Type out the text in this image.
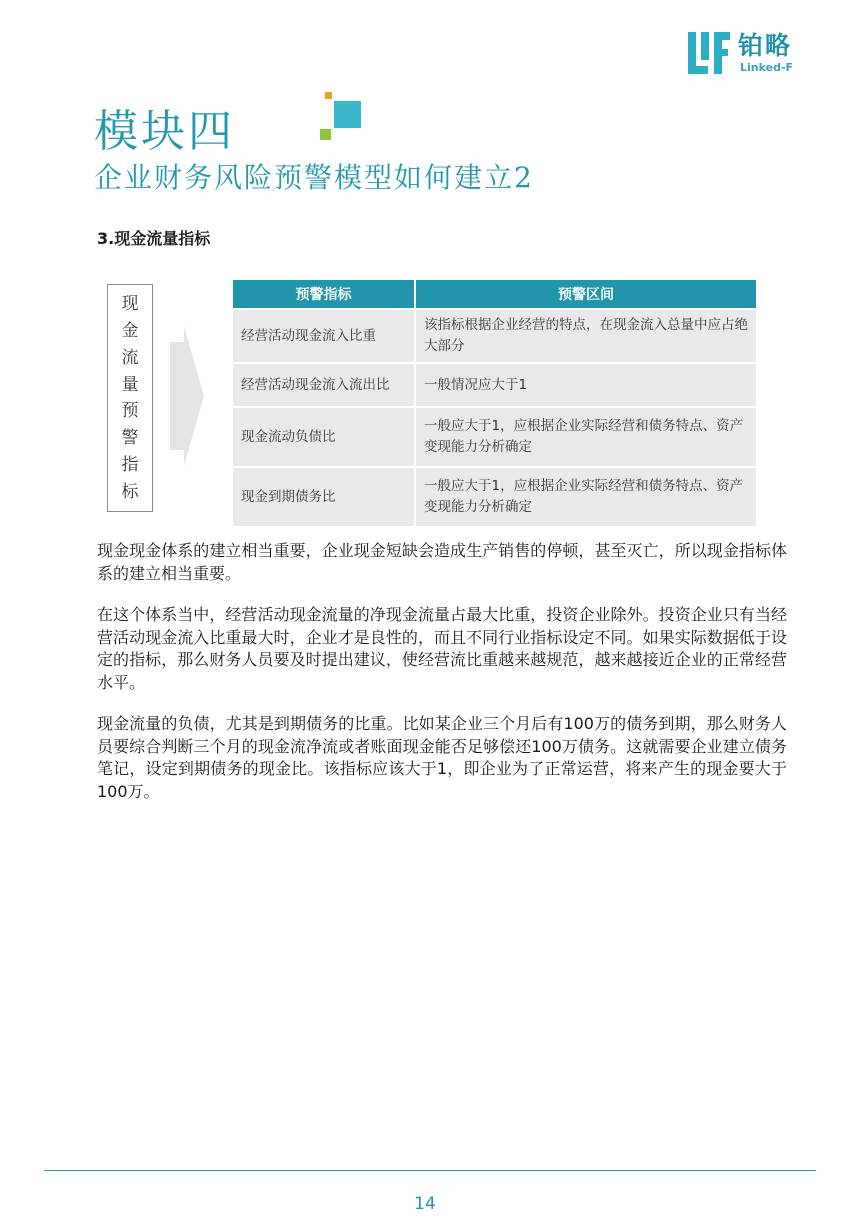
铂略
Linked-F
模块四
企业财务风险预警模型如何建立2
3.现金流量指标
现
金
流
量
预
警
指
标
预警指标	预警区间
经营活动现金流入比重	该指标根据企业经营的特点，在现金流入总量中应占绝大部分
经营活动现金流入流出比	一般情况应大于1
现金流动负债比	一般应大于1，应根据企业实际经营和债务特点、资产变现能力分析确定
现金到期债务比	一般应大于1，应根据企业实际经营和债务特点、资产变现能力分析确定

现金现金体系的建立相当重要，企业现金短缺会造成生产销售的停顿，甚至灭亡，所以现金指标体系的建立相当重要。

在这个体系当中，经营活动现金流量的净现金流量占最大比重，投资企业除外。投资企业只有当经营活动现金流入比重最大时，企业才是良性的，而且不同行业指标设定不同。如果实际数据低于设定的指标，那么财务人员要及时提出建议，使经营流比重越来越规范，越来越接近企业的正常经营水平。

现金流量的负债，尤其是到期债务的比重。比如某企业三个月后有100万的债务到期，那么财务人员要综合判断三个月的现金流净流或者账面现金能否足够偿还100万债务。这就需要企业建立债务笔记，设定到期债务的现金比。该指标应该大于1，即企业为了正常运营，将来产生的现金要大于100万。

14
